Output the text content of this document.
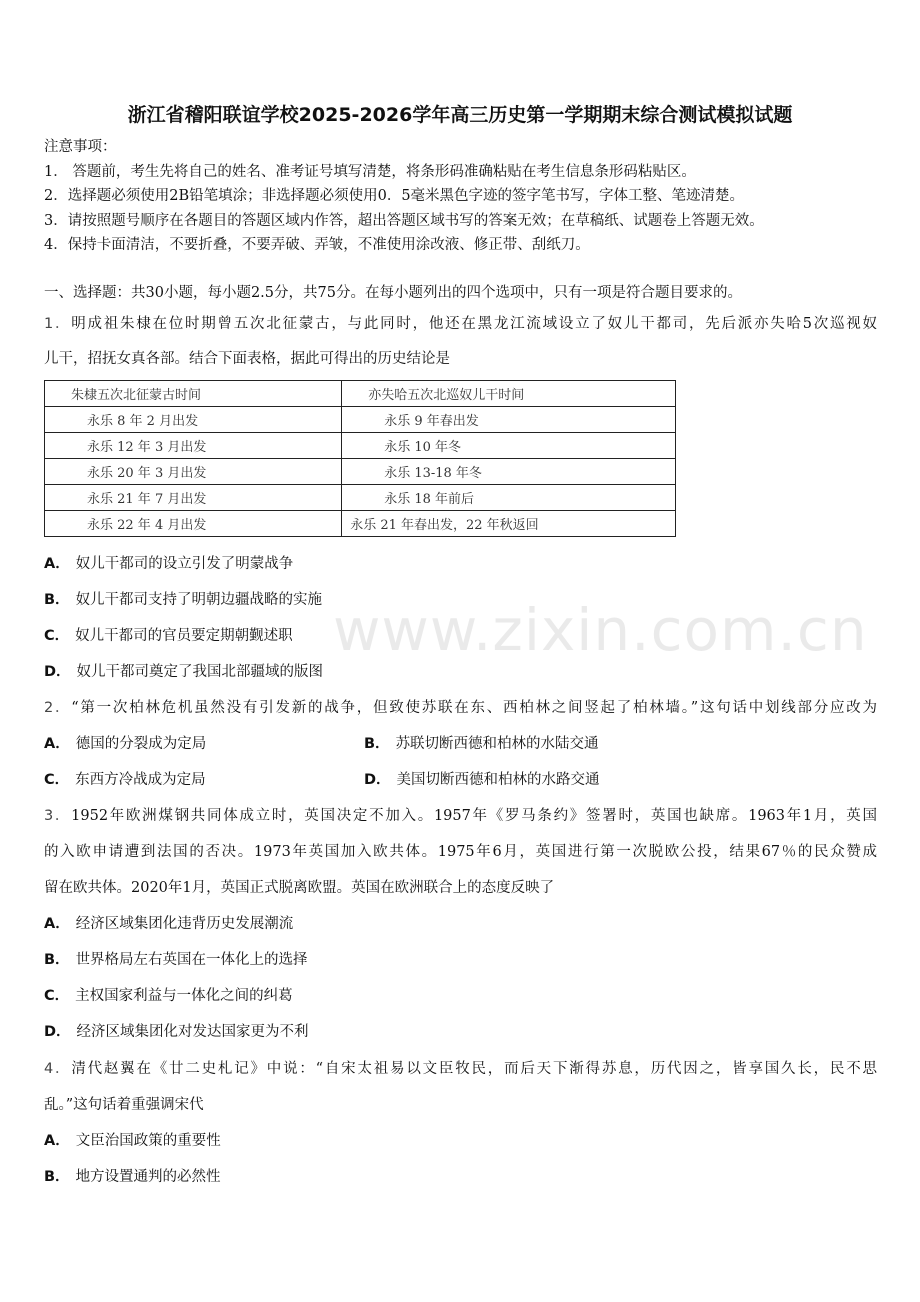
浙江省稽阳联谊学校2025-2026学年高三历史第一学期期末综合测试模拟试题
注意事项：
1． 答题前，考生先将自己的姓名、准考证号填写清楚，将条形码准确粘贴在考生信息条形码粘贴区。
2．选择题必须使用2B铅笔填涂；非选择题必须使用0．5毫米黑色字迹的签字笔书写，字体工整、笔迹清楚。
3．请按照题号顺序在各题目的答题区域内作答，超出答题区域书写的答案无效；在草稿纸、试题卷上答题无效。
4．保持卡面清洁，不要折叠，不要弄破、弄皱，不准使用涂改液、修正带、刮纸刀。
一、选择题：共30小题，每小题2.5分，共75分。在每小题列出的四个选项中，只有一项是符合题目要求的。
1．明成祖朱棣在位时期曾五次北征蒙古，与此同时，他还在黑龙江流域设立了奴儿干都司，先后派亦失哈5次巡视奴
儿干，招抚女真各部。结合下面表格，据此可得出的历史结论是
朱棣五次北征蒙古时间	亦失哈五次北巡奴儿干时间
永乐 8 年 2 月出发	永乐 9 年春出发
永乐 12 年 3 月出发	永乐 10 年冬
永乐 20 年 3 月出发	永乐 13-18 年冬
永乐 21 年 7 月出发	永乐 18 年前后
永乐 22 年 4 月出发	永乐 21 年春出发，22 年秋返回
A． 奴儿干都司的设立引发了明蒙战争
B． 奴儿干都司支持了明朝边疆战略的实施
C． 奴儿干都司的官员要定期朝觐述职
D． 奴儿干都司奠定了我国北部疆域的版图
2．“第一次柏林危机虽然没有引发新的战争，但致使苏联在东、西柏林之间竖起了柏林墙。”这句话中划线部分应改为
A． 德国的分裂成为定局	B． 苏联切断西德和柏林的水陆交通
C． 东西方冷战成为定局	D． 美国切断西德和柏林的水路交通
3．1952年欧洲煤钢共同体成立时，英国决定不加入。1957年《罗马条约》签署时，英国也缺席。1963年1月，英国
的入欧申请遭到法国的否决。1973年英国加入欧共体。1975年6月，英国进行第一次脱欧公投，结果67％的民众赞成
留在欧共体。2020年1月，英国正式脱离欧盟。英国在欧洲联合上的态度反映了
A． 经济区域集团化违背历史发展潮流
B． 世界格局左右英国在一体化上的选择
C． 主权国家利益与一体化之间的纠葛
D． 经济区域集团化对发达国家更为不利
4．清代赵翼在《廿二史札记》中说：“自宋太祖易以文臣牧民，而后天下渐得苏息，历代因之，皆享国久长，民不思
乱。”这句话着重强调宋代
A． 文臣治国政策的重要性
B． 地方设置通判的必然性
www.zixin.com.cn
